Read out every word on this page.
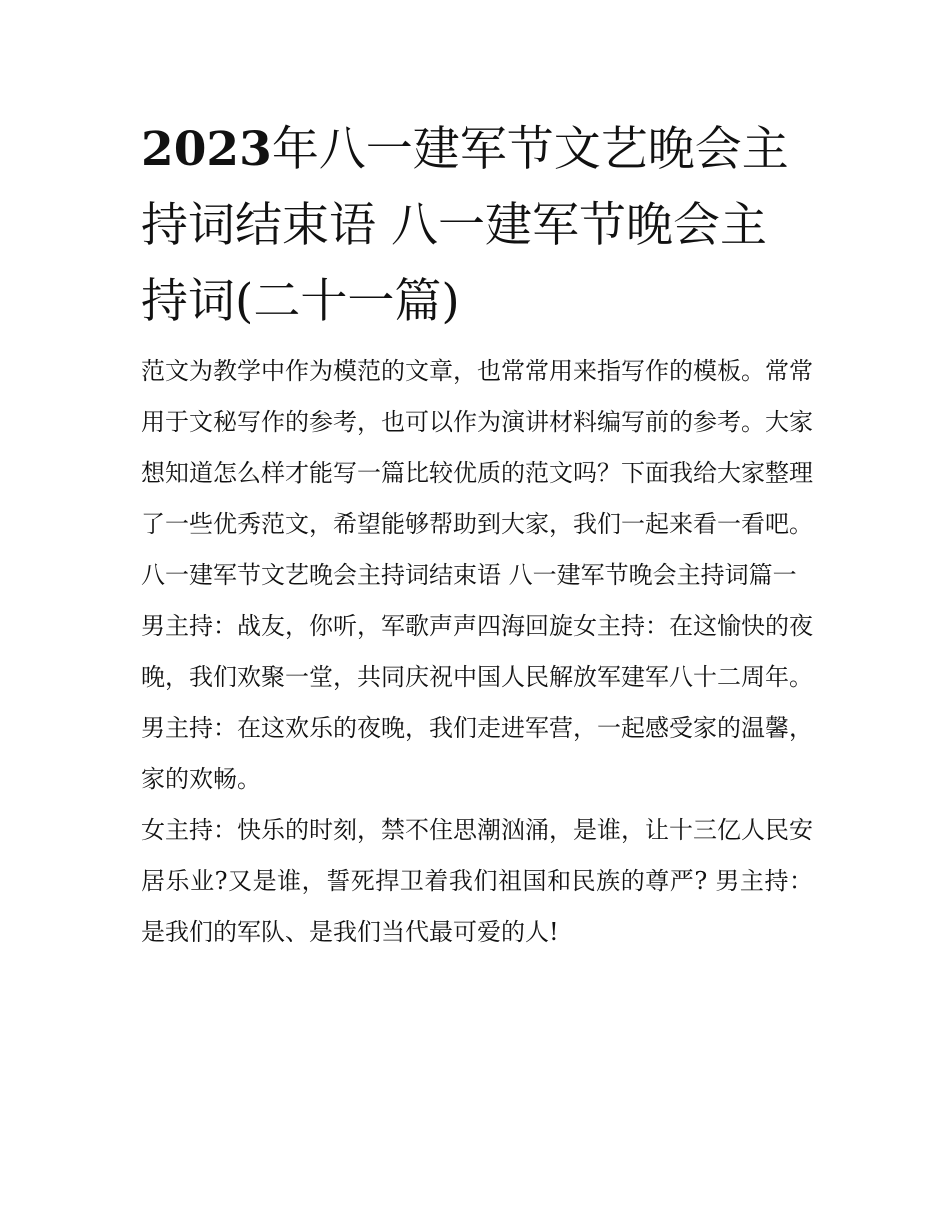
2023年八一建军节文艺晚会主持词结束语 八一建军节晚会主持词(二十一篇)

范文为教学中作为模范的文章，也常常用来指写作的模板。常常用于文秘写作的参考，也可以作为演讲材料编写前的参考。大家想知道怎么样才能写一篇比较优质的范文吗？下面我给大家整理了一些优秀范文，希望能够帮助到大家，我们一起来看一看吧。

八一建军节文艺晚会主持词结束语 八一建军节晚会主持词篇一

男主持：战友，你听，军歌声声四海回旋女主持：在这愉快的夜晚，我们欢聚一堂，共同庆祝中国人民解放军建军八十二周年。

男主持：在这欢乐的夜晚，我们走进军营，一起感受家的温馨，家的欢畅。

女主持：快乐的时刻，禁不住思潮汹涌，是谁，让十三亿人民安居乐业?又是谁，誓死捍卫着我们祖国和民族的尊严? 男主持：是我们的军队、是我们当代最可爱的人!
